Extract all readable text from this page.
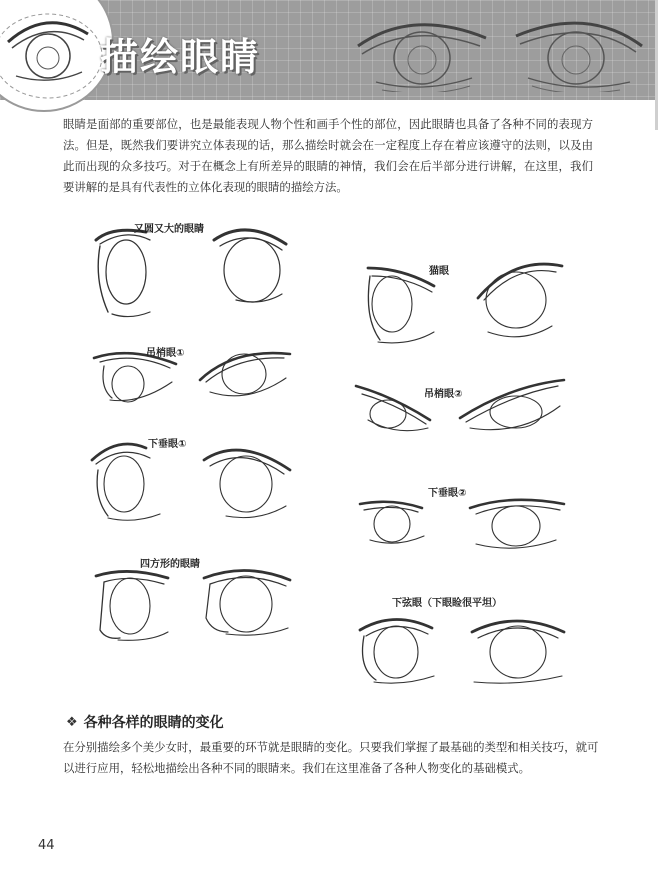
描绘眼睛

眼睛是面部的重要部位，也是最能表现人物个性和画手个性的部位，因此眼睛也具备了各种不同的表现方法。但是，既然我们要讲究立体表现的话，那么描绘时就会在一定程度上存在着应该遵守的法则，以及由此而出现的众多技巧。对于在概念上有所差异的眼睛的神情，我们会在后半部分进行讲解，在这里，我们要讲解的是具有代表性的立体化表现的眼睛的描绘方法。

又圆又大的眼睛
猫眼
吊梢眼①
吊梢眼②
下垂眼①
下垂眼②
四方形的眼睛
下弦眼（下眼睑很平坦）
❖ 各种各样的眼睛的变化

在分别描绘多个美少女时，最重要的环节就是眼睛的变化。只要我们掌握了最基础的类型和相关技巧，就可以进行应用，轻松地描绘出各种不同的眼睛来。我们在这里准备了各种人物变化的基础模式。

44
